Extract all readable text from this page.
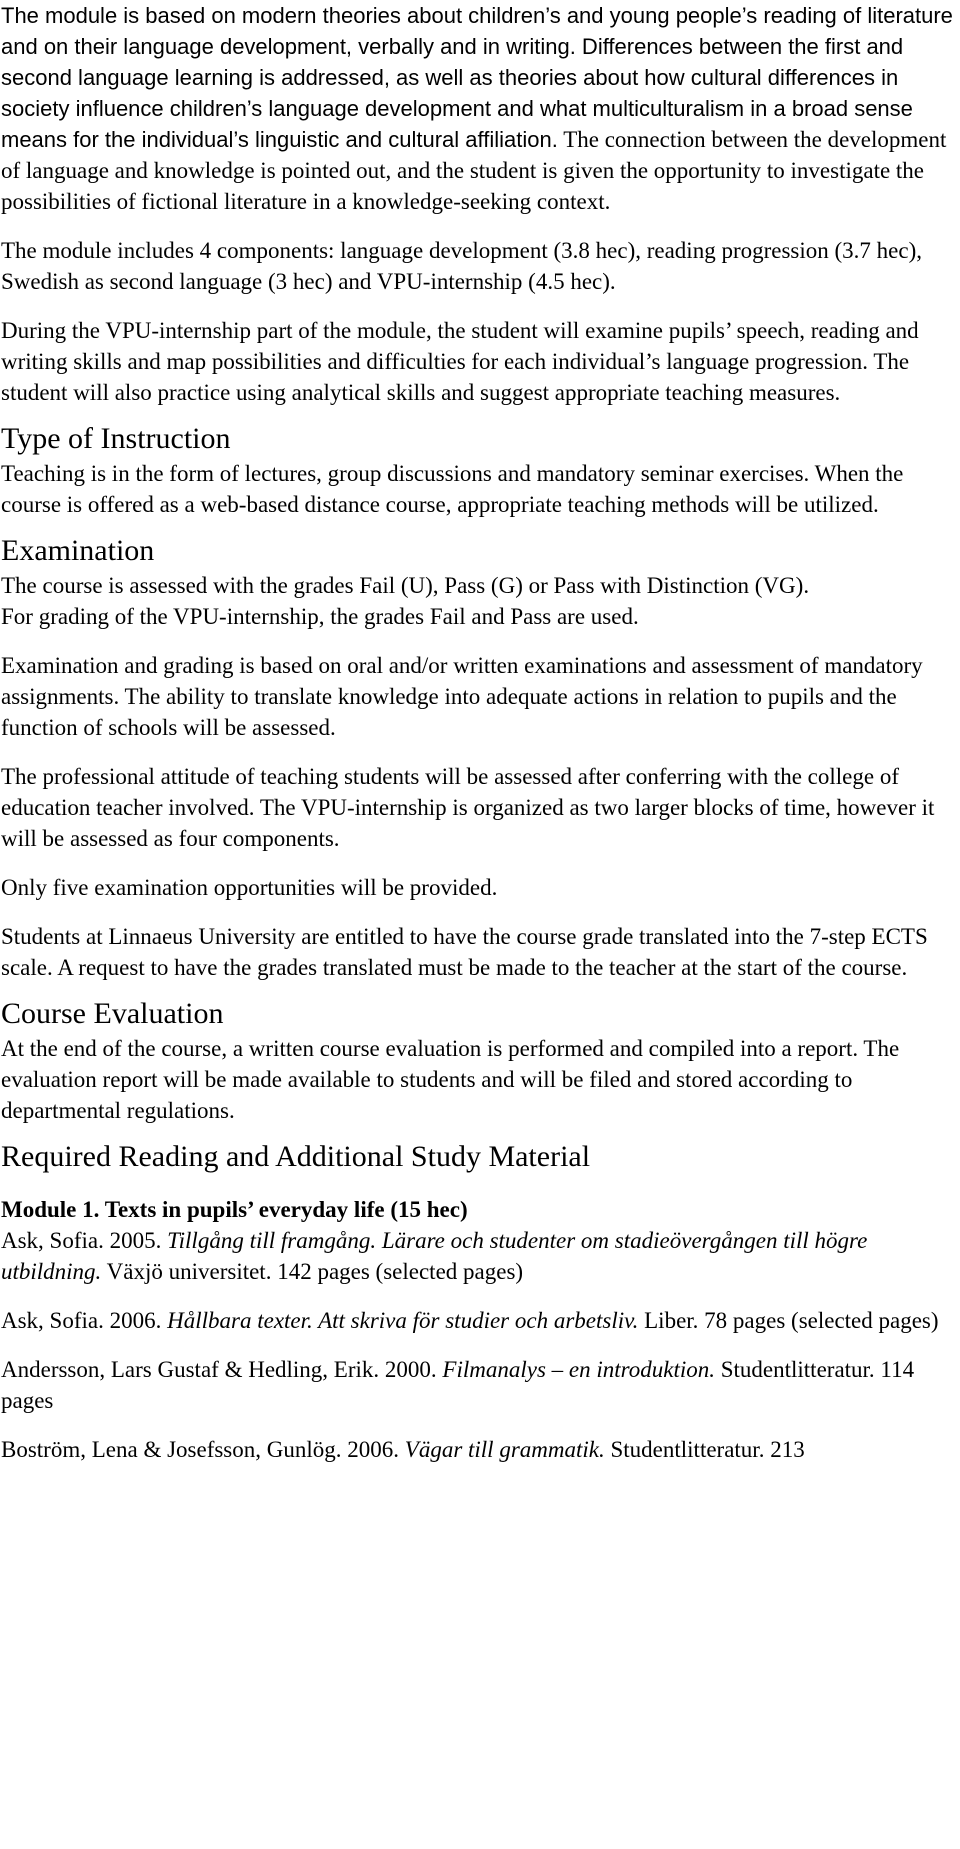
The module is based on modern theories about children’s and young people’s reading of literature and on their language development, verbally and in writing. Differences between the first and second language learning is addressed, as well as theories about how cultural differences in society influence children’s language development and what multiculturalism in a broad sense means for the individual’s linguistic and cultural affiliation. The connection between the development of language and knowledge is pointed out, and the student is given the opportunity to investigate the possibilities of fictional literature in a knowledge-seeking context.

The module includes 4 components: language development (3.8 hec), reading progression (3.7 hec), Swedish as second language (3 hec) and VPU-internship (4.5 hec).

During the VPU-internship part of the module, the student will examine pupils’ speech, reading and writing skills and map possibilities and difficulties for each individual’s language progression. The student will also practice using analytical skills and suggest appropriate teaching measures.

Type of Instruction

Teaching is in the form of lectures, group discussions and mandatory seminar exercises. When the course is offered as a web-based distance course, appropriate teaching methods will be utilized.

Examination

The course is assessed with the grades Fail (U), Pass (G) or Pass with Distinction (VG).

For grading of the VPU-internship, the grades Fail and Pass are used.

Examination and grading is based on oral and/or written examinations and assessment of mandatory assignments. The ability to translate knowledge into adequate actions in relation to pupils and the function of schools will be assessed.

The professional attitude of teaching students will be assessed after conferring with the college of education teacher involved. The VPU-internship is organized as two larger blocks of time, however it will be assessed as four components.

Only five examination opportunities will be provided.

Students at Linnaeus University are entitled to have the course grade translated into the 7-step ECTS scale. A request to have the grades translated must be made to the teacher at the start of the course.

Course Evaluation

At the end of the course, a written course evaluation is performed and compiled into a report. The evaluation report will be made available to students and will be filed and stored according to departmental regulations.

Required Reading and Additional Study Material

Module 1. Texts in pupils’ everyday life (15 hec)

Ask, Sofia. 2005. Tillgång till framgång. Lärare och studenter om stadieövergången till högre utbildning. Växjö universitet. 142 pages (selected pages)

Ask, Sofia. 2006. Hållbara texter. Att skriva för studier och arbetsliv. Liber. 78 pages (selected pages)

Andersson, Lars Gustaf & Hedling, Erik. 2000. Filmanalys – en introduktion. Studentlitteratur. 114 pages

Boström, Lena & Josefsson, Gunlög. 2006. Vägar till grammatik. Studentlitteratur. 213
